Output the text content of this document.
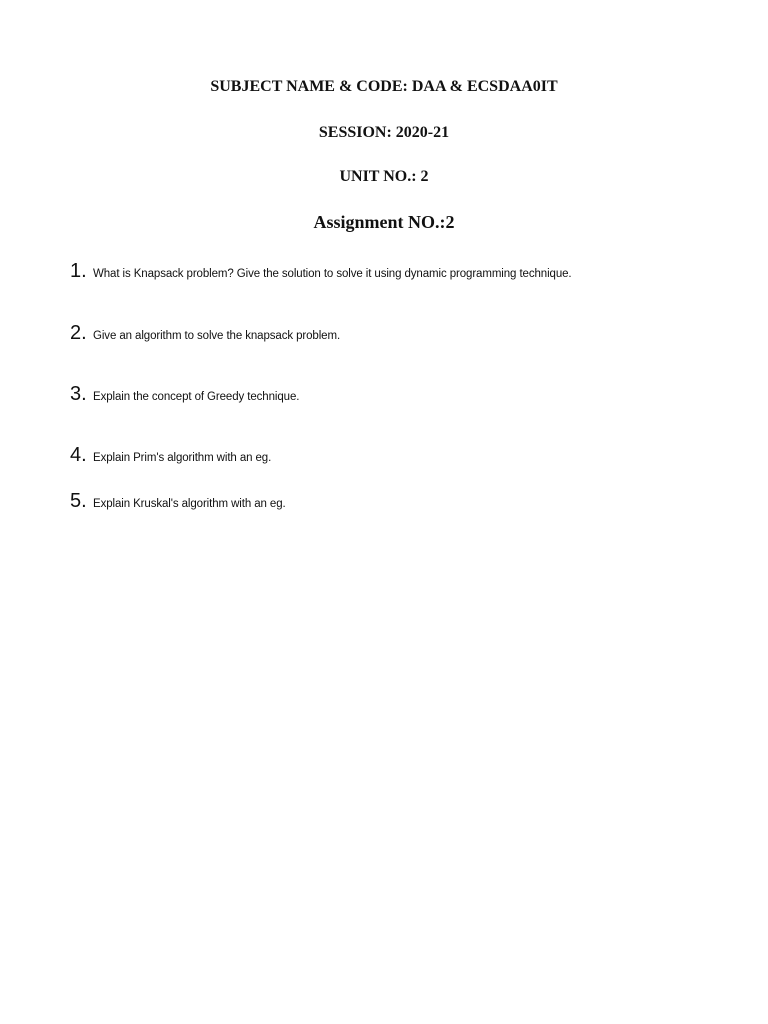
SUBJECT NAME & CODE: DAA & ECSDAA0IT
SESSION: 2020-21
UNIT NO.: 2
Assignment NO.:2
1. What is Knapsack problem? Give the solution to solve it using dynamic programming technique.
2. Give an algorithm to solve the knapsack problem.
3. Explain the concept of Greedy technique.
4. Explain Prim's algorithm with an eg.
5. Explain Kruskal's algorithm with an eg.
